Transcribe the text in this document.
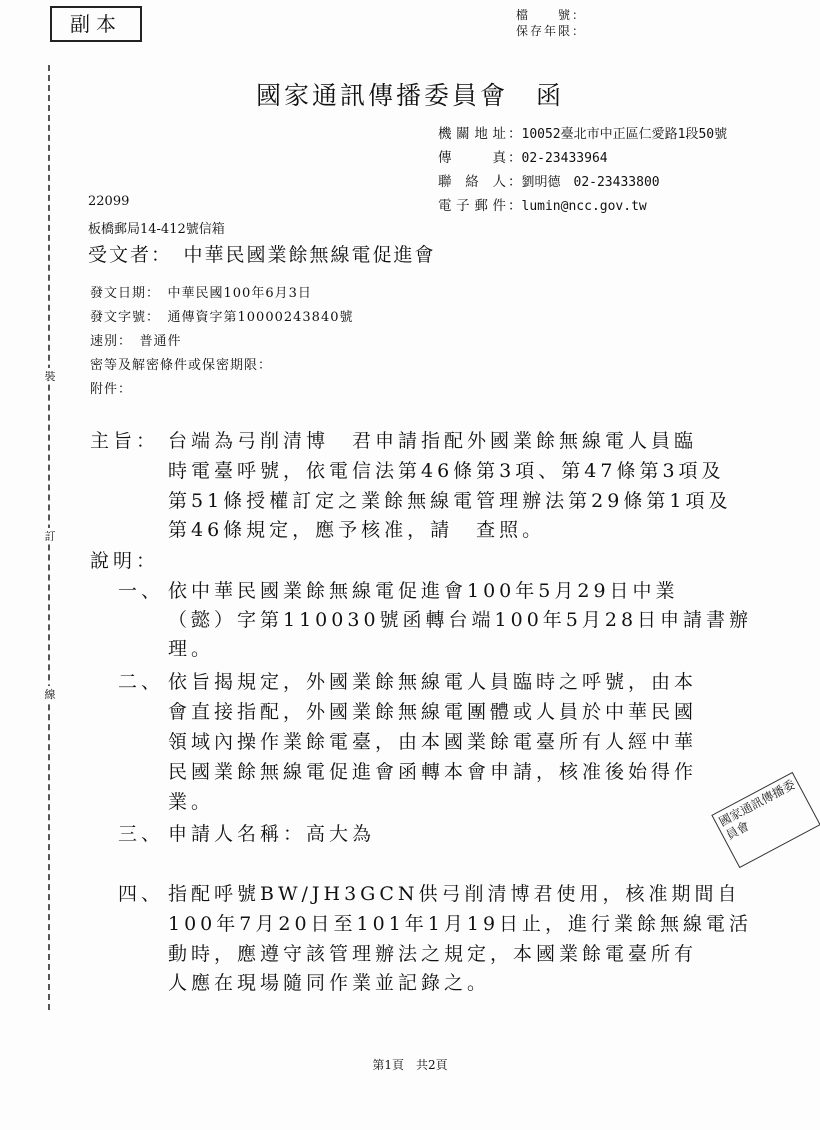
副本	檔　　號：
保存年限：
裝
訂
線
國家通訊傳播委員會　函
機關地址：10052臺北市中正區仁愛路1段50號
傳　真：02-23433964
聯 絡 人：劉明德　02-23433800
電子郵件：lumin@ncc.gov.tw
22099
板橋郵局14-412號信箱
受文者：　中華民國業餘無線電促進會
發文日期：　中華民國100年6月3日
發文字號：　通傳資字第10000243840號
速別：　普通件
密等及解密條件或保密期限：
附件：
主旨： 台端為弓削清博　君申請指配外國業餘無線電人員臨
時電臺呼號，依電信法第46條第3項、第47條第3項及
第51條授權訂定之業餘無線電管理辦法第29條第1項及
第46條規定，應予核准，請　查照。
說明：
一、 依中華民國業餘無線電促進會100年5月29日中業
（懿）字第110030號函轉台端100年5月28日申請書辦
理。
二、 依旨揭規定，外國業餘無線電人員臨時之呼號，由本
會直接指配，外國業餘無線電團體或人員於中華民國
領域內操作業餘電臺，由本國業餘電臺所有人經中華
民國業餘無線電促進會函轉本會申請，核准後始得作
業。
三、 申請人名稱：高大為
四、 指配呼號BW/JH3GCN供弓削清博君使用，核准期間自
100年7月20日至101年1月19日止，進行業餘無線電活
動時，應遵守該管理辦法之規定，本國業餘電臺所有
人應在現場隨同作業並記錄之。
國家通訊傳播委員會
第1頁　共2頁
